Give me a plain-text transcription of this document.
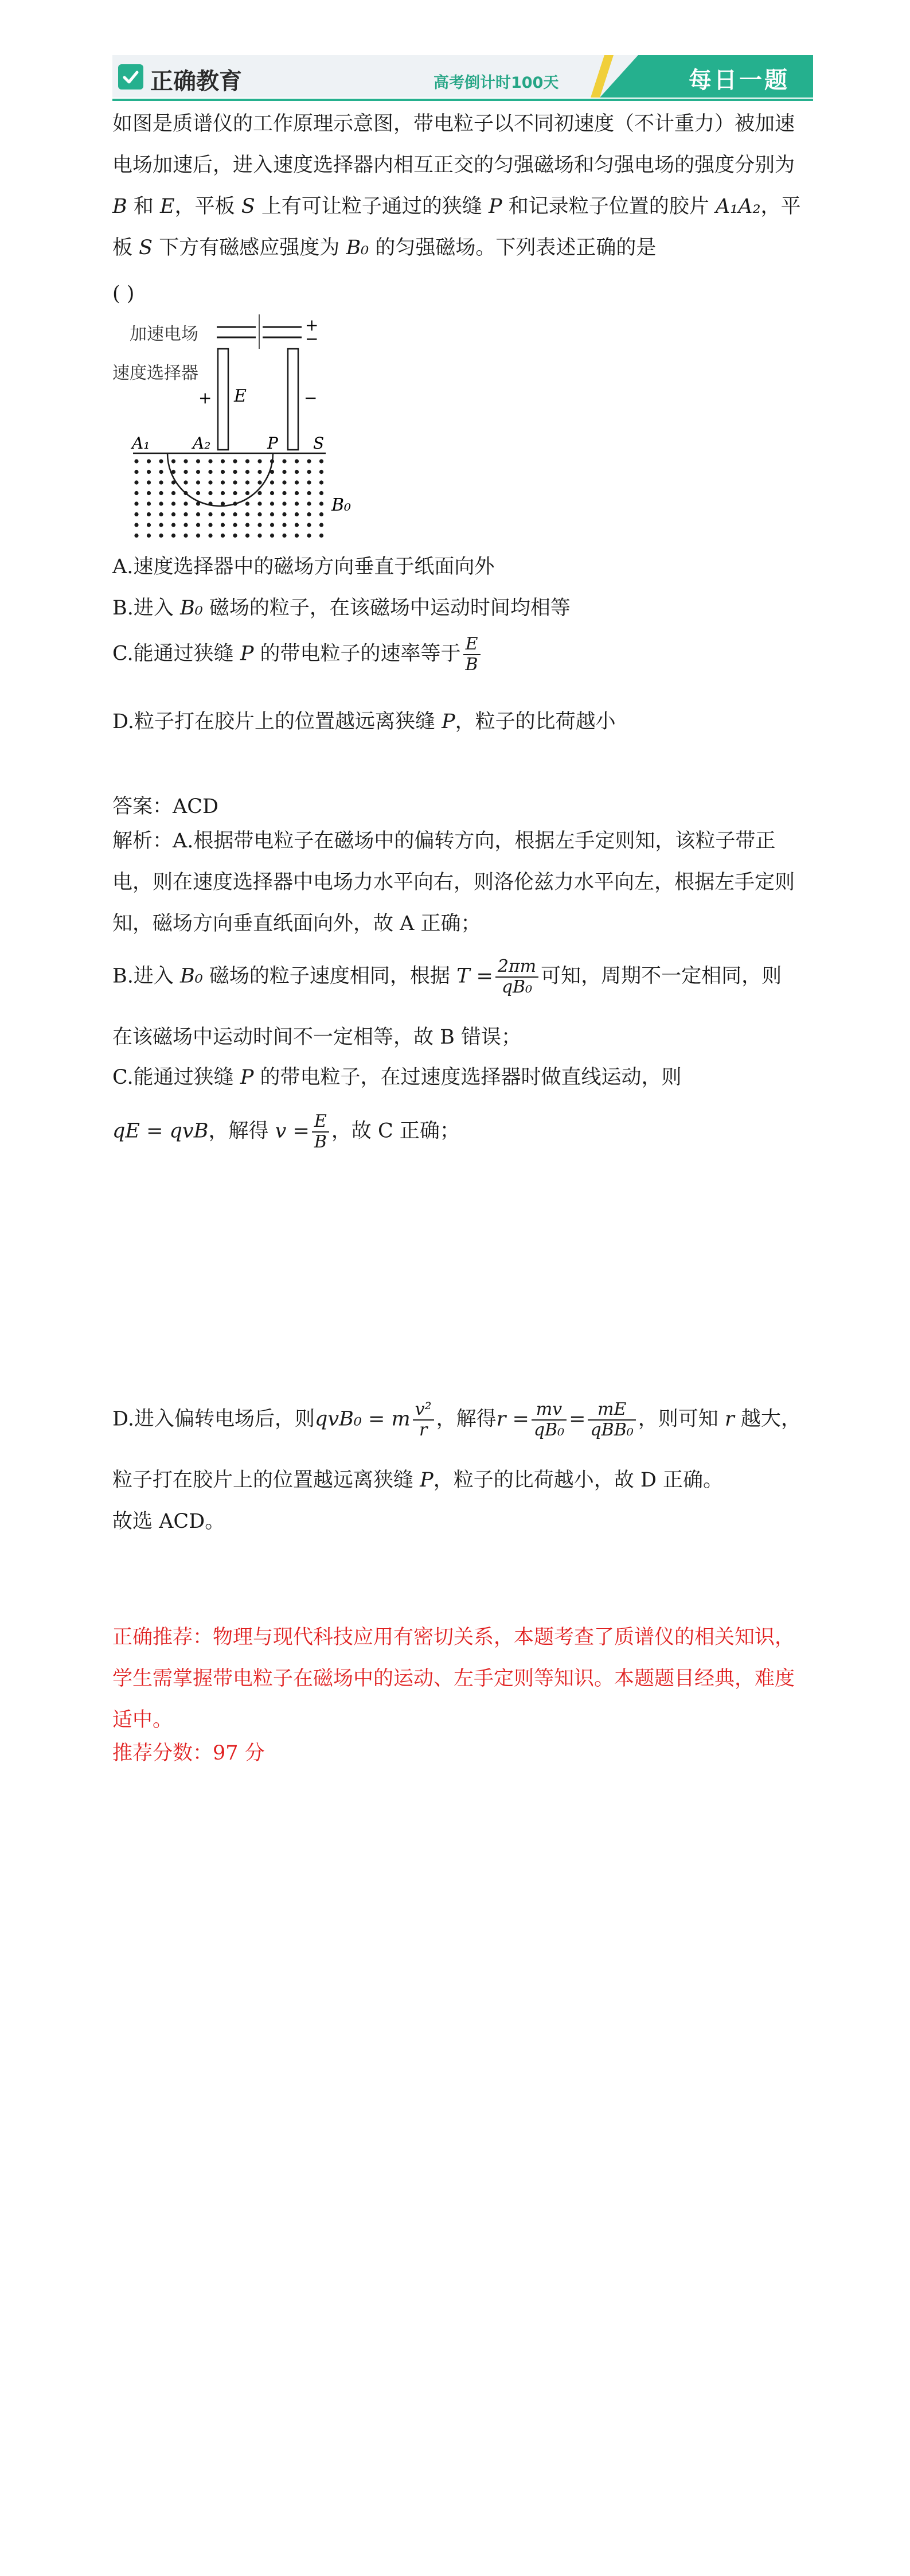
正确教育	高考倒计时100天	每日一题

如图是质谱仪的工作原理示意图，带电粒子以不同初速度（不计重力）被加速电场加速后，进入速度选择器内相互正交的匀强磁场和匀强电场的强度分别为 B 和 E，平板 S 上有可让粒子通过的狭缝 P 和记录粒子位置的胶片 A₁A₂，平板 S 下方有磁感应强度为 B₀ 的匀强磁场。下列表述正确的是

( )
+
−
加速电场
速度选择器
+	−
E
A₁	A₂	P S
B₀
A.速度选择器中的磁场方向垂直于纸面向外
B.进入 B₀ 磁场的粒子，在该磁场中运动时间均相等
C.能通过狭缝 P 的带电粒子的速率等于 $\frac{E}{B}$
D.粒子打在胶片上的位置越远离狭缝 P，粒子的比荷越小
答案：ACD

解析：A.根据带电粒子在磁场中的偏转方向，根据左手定则知，该粒子带正电，则在速度选择器中电场力水平向右，则洛伦兹力水平向左，根据左手定则知，磁场方向垂直纸面向外，故 A 正确；

B.进入 B₀ 磁场的粒子速度相同，根据 $T = \frac{2\pi m}{\text{qB₀}}$ 可知，周期不一定相同，则
在该磁场中运动时间不一定相等，故 B 错误；
C.能通过狭缝 P 的带电粒子，在过速度选择器时做直线运动，则
qE = qvB，解得 $v = \frac{E}{B}$ ，故 C 正确；
D.进入偏转电场后，则qvB₀ = m $\frac{\text{v²}}{r}$ ，解得$r = \frac{mv}{\text{qB₀}} = \frac{mE}{\text{qBB₀}}$ ，则可知 r 越大，
粒子打在胶片上的位置越远离狭缝 P，粒子的比荷越小，故 D 正确。
故选 ACD。

正确推荐：物理与现代科技应用有密切关系，本题考查了质谱仪的相关知识，学生需掌握带电粒子在磁场中的运动、左手定则等知识。本题题目经典，难度适中。

推荐分数：97 分
